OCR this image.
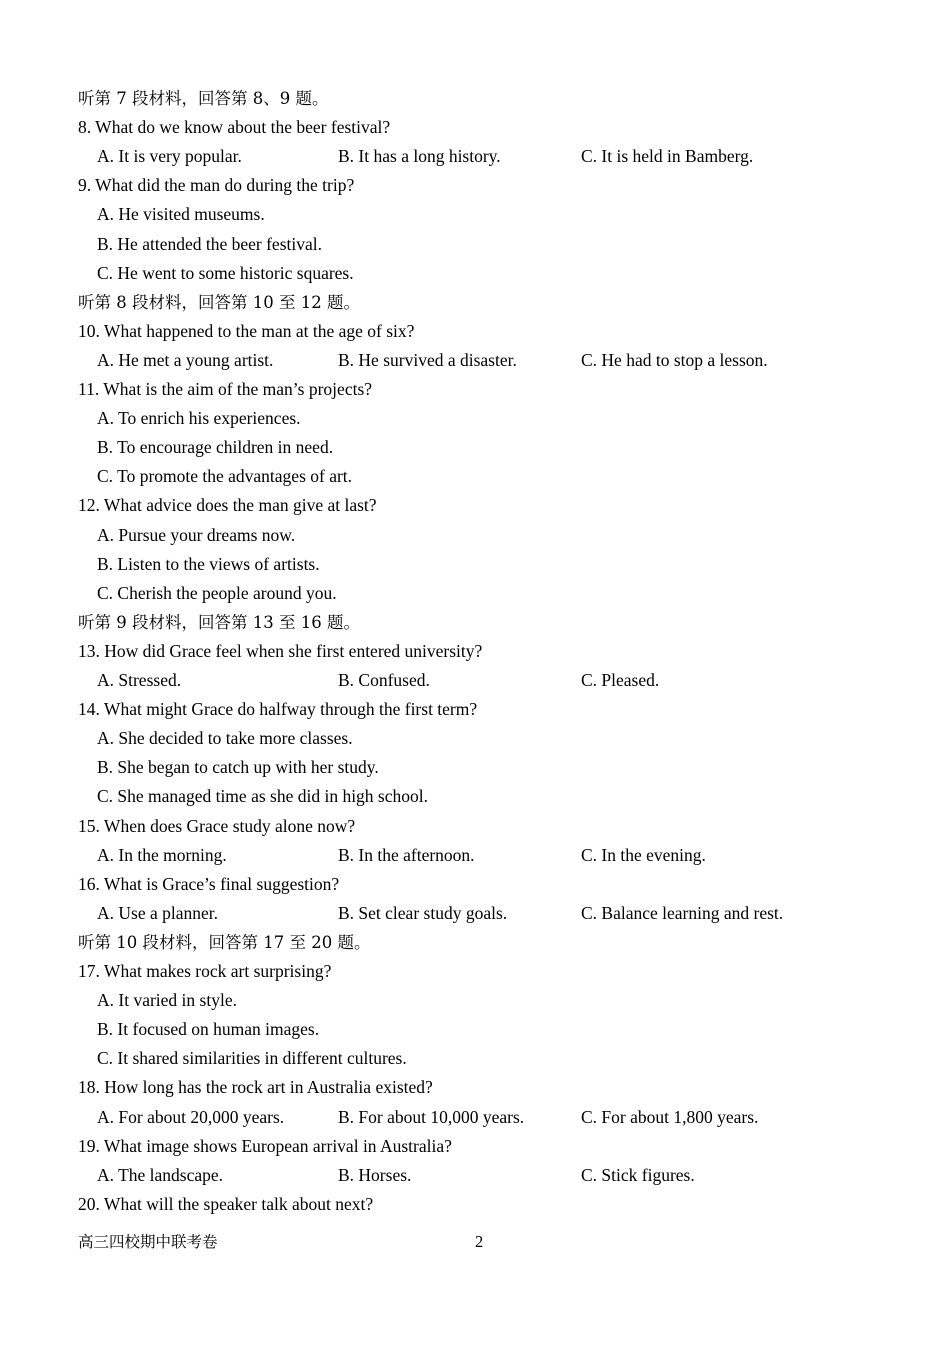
听第 7 段材料，回答第 8、9 题。
8. What do we know about the beer festival?
A. It is very popular.	B. It has a long history.	C. It is held in Bamberg.
9. What did the man do during the trip?
A. He visited museums.
B. He attended the beer festival.
C. He went to some historic squares.
听第 8 段材料，回答第 10 至 12 题。
10. What happened to the man at the age of six?
A. He met a young artist.	B. He survived a disaster.	C. He had to stop a lesson.
11. What is the aim of the man’s projects?
A. To enrich his experiences.
B. To encourage children in need.
C. To promote the advantages of art.
12. What advice does the man give at last?
A. Pursue your dreams now.
B. Listen to the views of artists.
C. Cherish the people around you.
听第 9 段材料，回答第 13 至 16 题。
13. How did Grace feel when she first entered university?
A. Stressed.	B. Confused.	C. Pleased.
14. What might Grace do halfway through the first term?
A. She decided to take more classes.
B. She began to catch up with her study.
C. She managed time as she did in high school.
15. When does Grace study alone now?
A. In the morning.	B. In the afternoon.	C. In the evening.
16. What is Grace’s final suggestion?
A. Use a planner.	B. Set clear study goals.	C. Balance learning and rest.
听第 10 段材料，回答第 17 至 20 题。
17. What makes rock art surprising?
A. It varied in style.
B. It focused on human images.
C. It shared similarities in different cultures.
18. How long has the rock art in Australia existed?
A. For about 20,000 years.	B. For about 10,000 years.	C. For about 1,800 years.
19. What image shows European arrival in Australia?
A. The landscape.	B. Horses.	C. Stick figures.
20. What will the speaker talk about next?
高三四校期中联考卷	2
